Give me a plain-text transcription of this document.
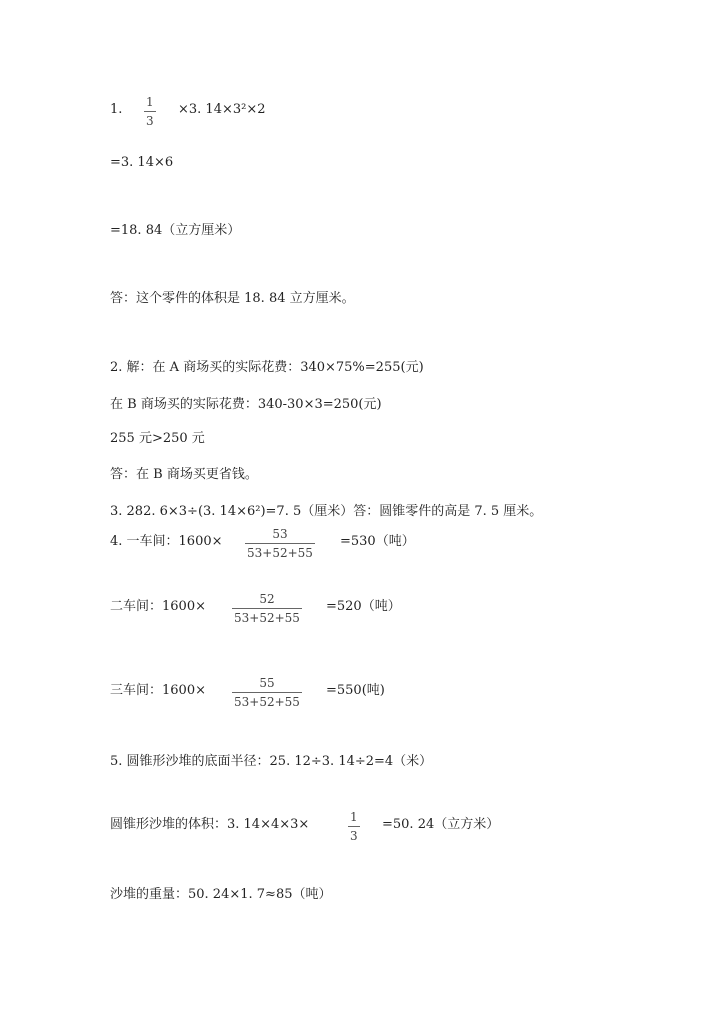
1. 1
3
×3. 14×3²×2
=3. 14×6
=18. 84（立方厘米）
答：这个零件的体积是 18. 84 立方厘米。
2. 解：在 A 商场买的实际花费：340×75%=255(元)
在 B 商场买的实际花费：340-30×3=250(元)
255 元>250 元
答：在 B 商场买更省钱。
3. 282. 6×3÷(3. 14×6²)=7. 5（厘米）答：圆锥零件的高是 7. 5 厘米。
4. 一车间：1600×	53
53+52+55
=530（吨）
二车间：1600×	52
53+52+55
=520（吨）
三车间：1600×	55
53+52+55
=550(吨)
5. 圆锥形沙堆的底面半径：25. 12÷3. 14÷2=4（米）
圆锥形沙堆的体积：3. 14×4×3×	1
3
=50. 24（立方米）
沙堆的重量：50. 24×1. 7≈85（吨）
